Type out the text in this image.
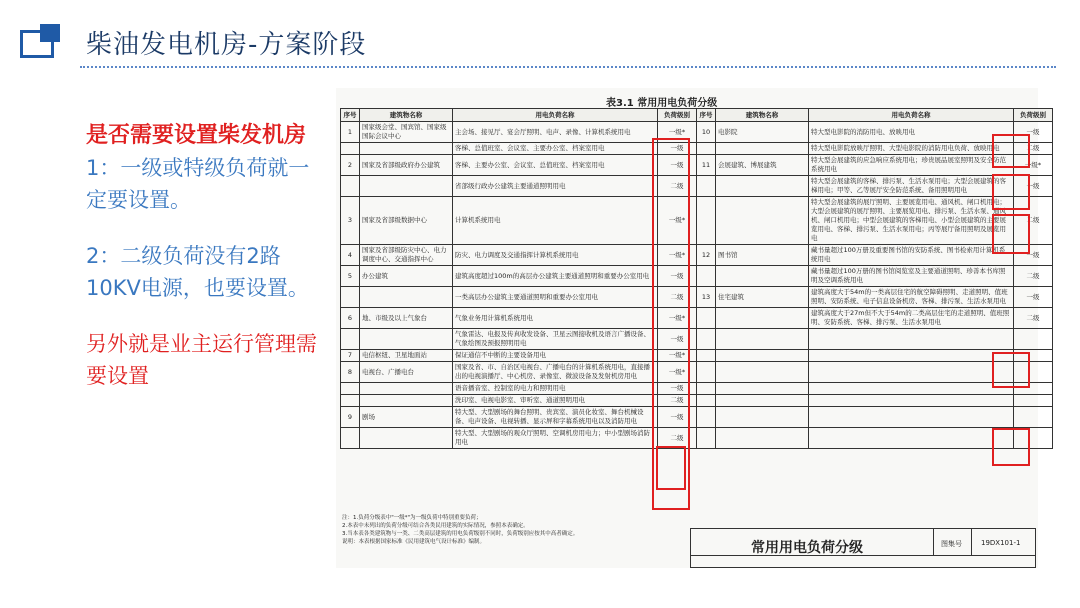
柴油发电机房-方案阶段

是否需要设置柴发机房

1：一级或特级负荷就一定要设置。

2：二级负荷没有2路10KV电源，也要设置。

另外就是业主运行管理需要设置

表3.1 常用用电负荷分级
序号	建筑物名称	用电负荷名称	负荷级别	序号	建筑物名称	用电负荷名称	负荷级别
1	国家级会堂、国宾馆、国家级国际会议中心	主会场、接见厅、宴会厅照明、电声、录像、计算机系统用电	一级*	10	电影院	特大型电影院的消防用电、放映用电	一级
		客梯、总值班室、会议室、主要办公室、档案室用电	一级			特大型电影院放映厅照明、大型电影院的消防用电负荷、放映用电	二级
2	国家及省部级政府办公建筑	客梯、主要办公室、会议室、总值班室、档案室用电	一级	11	会展建筑、博展建筑	特大型会展建筑的应急响应系统用电；珍贵展品展室照明及安全防范系统用电	一级*
		省部级行政办公建筑主要通道照明用电	二级			特大型会展建筑的客梯、排污泵、生活水泵用电；大型会展建筑的客梯用电；甲等、乙等展厅安全防范系统、备用照明用电	一级
3	国家及省部级数据中心	计算机系统用电	一级*			特大型会展建筑的展厅照明、主要展览用电、通风机、闸口机用电；大型会展建筑的展厅照明、主要展览用电、排污泵、生活水泵、通风机、闸口机用电；中型会展建筑的客梯用电、小型会展建筑的主要展览用电、客梯、排污泵、生活水泵用电；丙等展厅备用照明及展览用电	二级
4	国家及省部级防灾中心、电力调度中心、交通指挥中心	防灾、电力调度及交通指挥计算机系统用电	一级*	12	图书馆	藏书量超过100万册及重要图书馆的安防系统、图书检索用计算机系统用电	一级
5	办公建筑	建筑高度超过100m的高层办公建筑主要通道照明和重要办公室用电	一级			藏书量超过100万册的图书馆阅览室及主要通道照明、珍善本书库照明及空调系统用电	二级
		一类高层办公建筑主要通道照明和重要办公室用电	二级	13	住宅建筑	建筑高度大于54m的一类高层住宅的航空障碍照明、走道照明、值班照明、安防系统、电子信息设备机房、客梯、排污泵、生活水泵用电	一级
6	地、市级及以上气象台	气象业务用计算机系统用电	一级*			建筑高度大于27m但不大于54m的二类高层住宅的走道照明、值班照明、安防系统、客梯、排污泵、生活水泵用电	二级
		气象雷达、电报及传真收发设备、卫星云图接收机及语言广播设备、气象绘图及预报照明用电	一级				
7	电信枢纽、卫星地面站	保证通信不中断的主要设备用电	一级*				
8	电视台、广播电台	国家及省、市、自治区电视台、广播电台的计算机系统用电，直接播出的电视演播厅、中心机房、录像室、微波设备及发射机房用电	一级*				
		语音播音室、控制室的电力和照明用电	一级				
		洗印室、电视电影室、审听室、通道照明用电	二级				
9	剧场	特大型、大型剧场的舞台照明、贵宾室、演员化妆室、舞台机械设备、电声设备、电视转播、显示屏和字幕系统用电以及消防用电	一级				
		特大型、大型剧场的观众厅照明、空调机房用电力；中小型剧场消防用电	二级				
注：1.负荷分级表中"一级*"为一级负荷中特别重要负荷；
2.本表中未列出的负荷分级可结合各类民用建筑的实际情况，参照本表确定。
3.当本表各类建筑物与一类、二类高层建筑的用电负荷级别不同时，负荷级别应按其中高者确定。
说明：本表根据国家标准《民用建筑电气设计标准》编制。	常用用电负荷分级	图集号	19DX101-1
